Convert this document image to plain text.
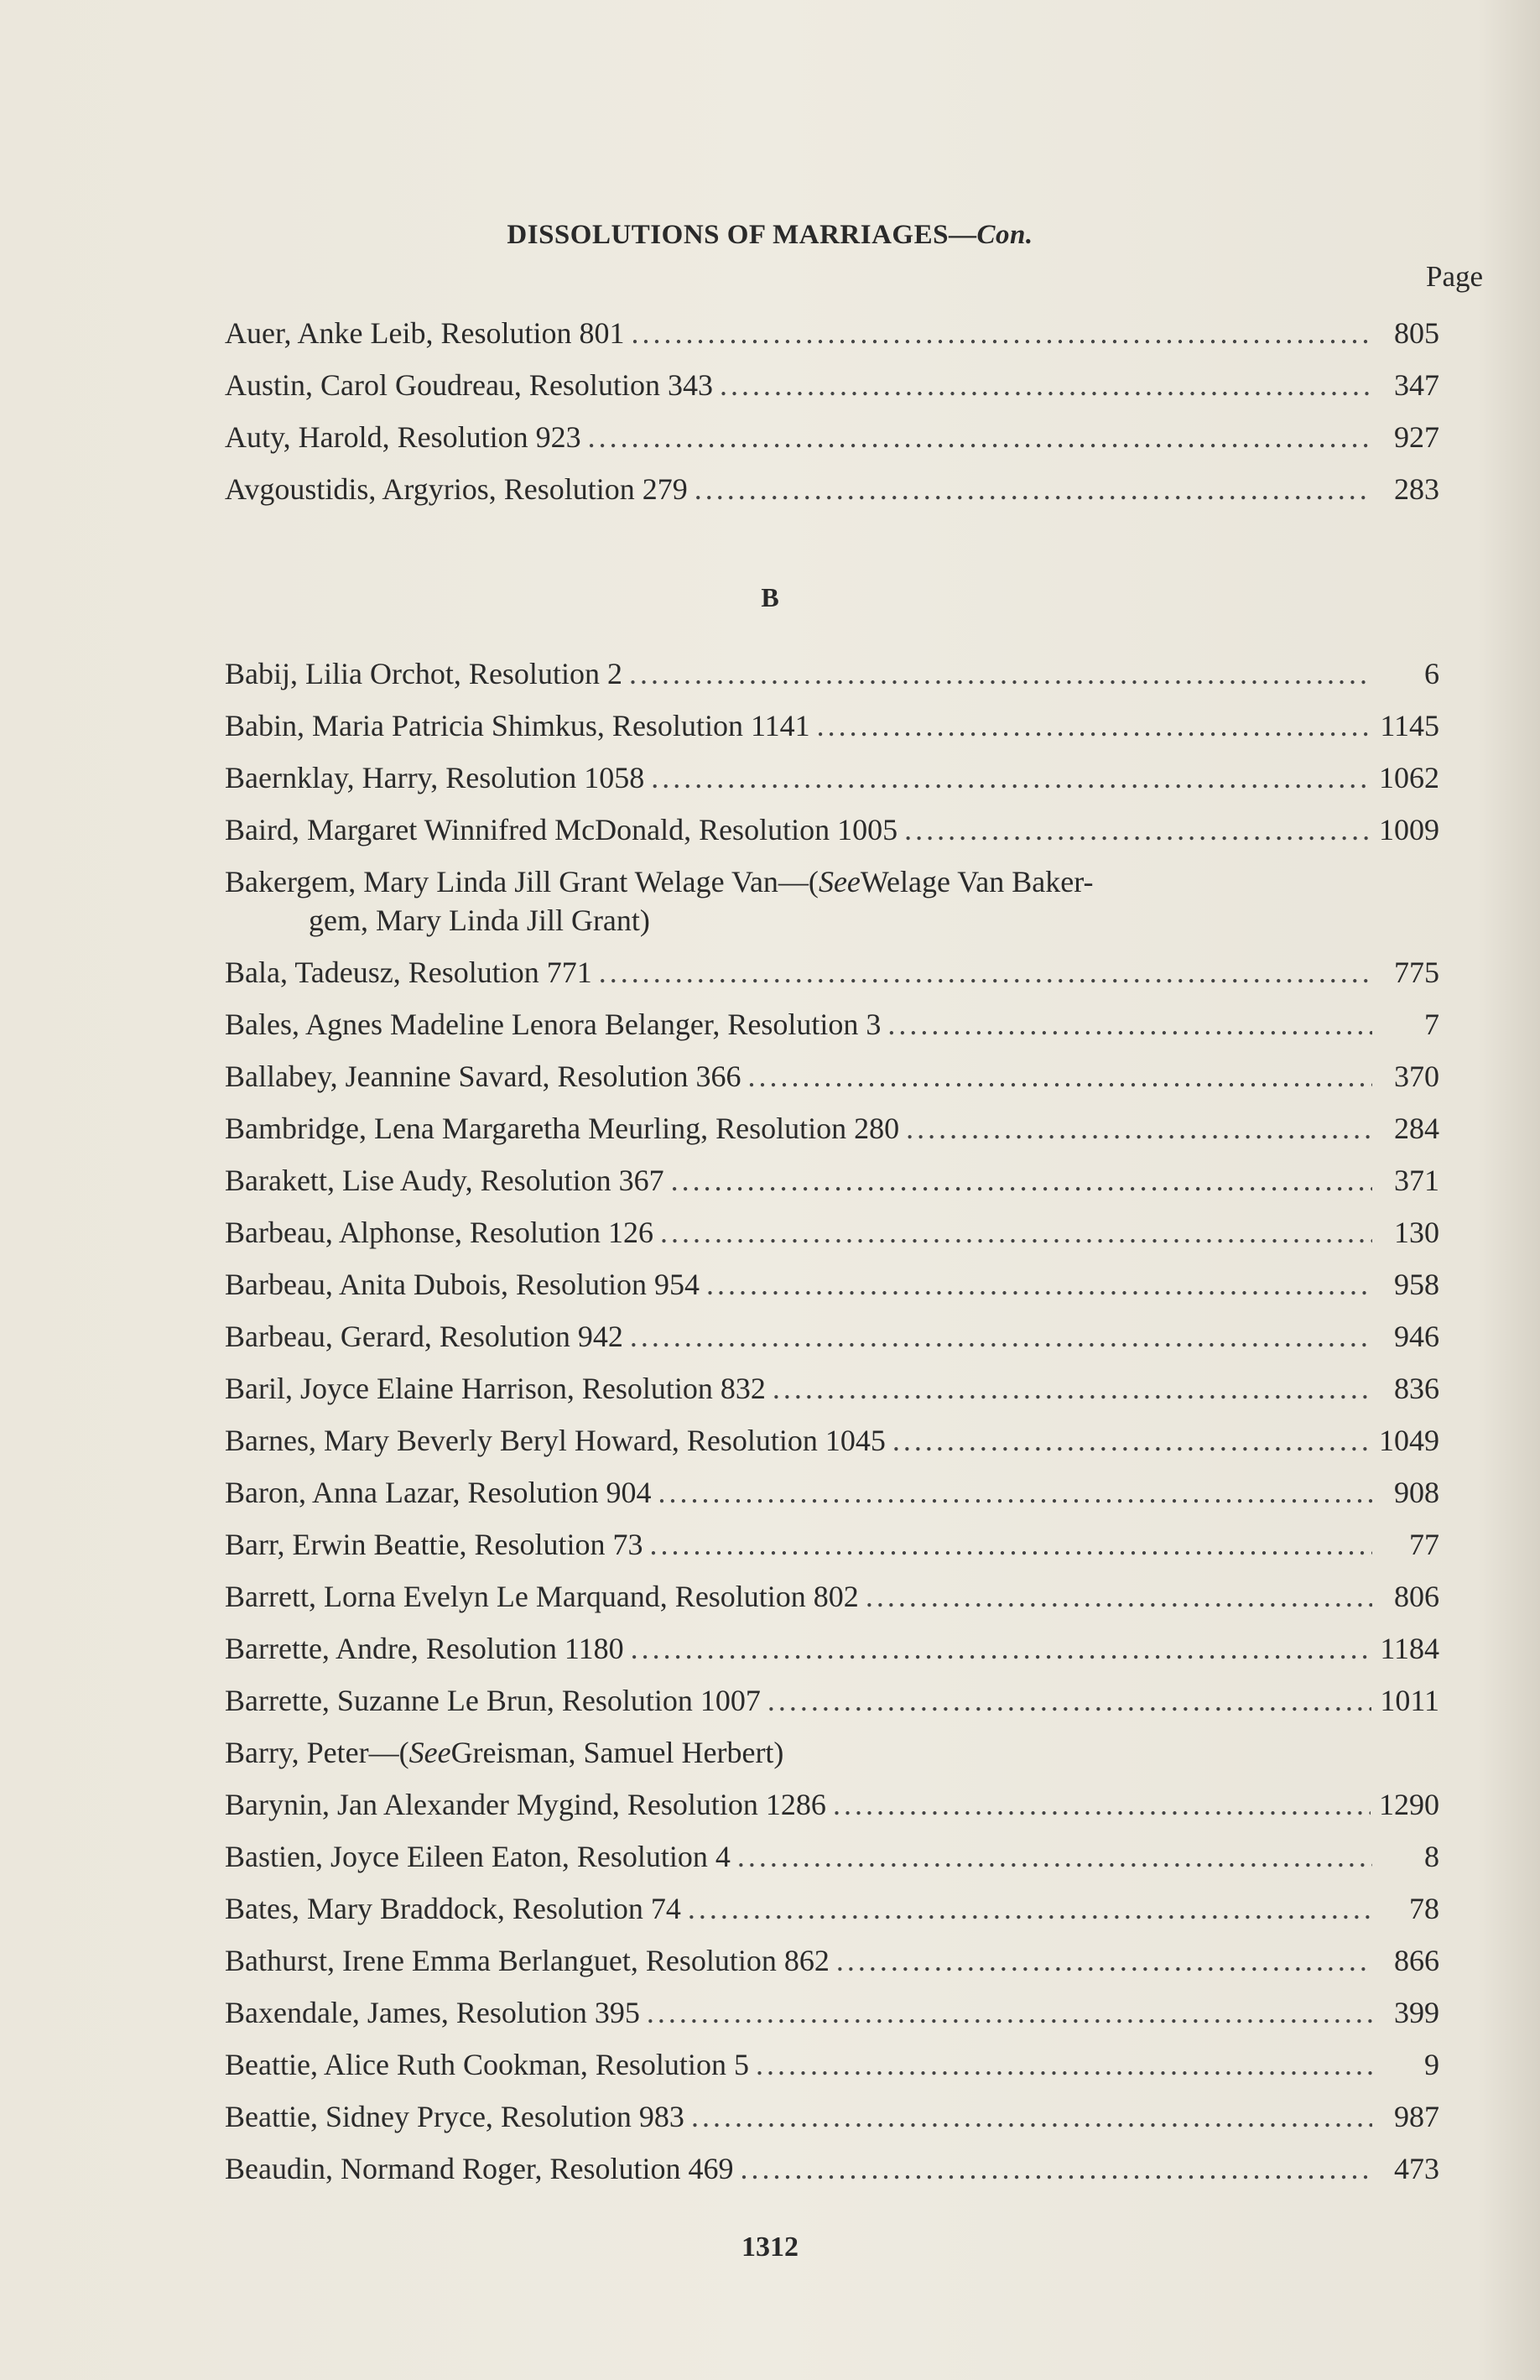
DISSOLUTIONS OF MARRIAGES—Con.
Page
Auer, Anke Leib, Resolution 801 .....	805
Austin, Carol Goudreau, Resolution 343 .....	347
Auty, Harold, Resolution 923 .....	927
Avgoustidis, Argyrios, Resolution 279 .....	283
B
Babij, Lilia Orchot, Resolution 2 .....	6
Babin, Maria Patricia Shimkus, Resolution 1141 .....	1145
Baernklay, Harry, Resolution 1058 .....	1062
Baird, Margaret Winnifred McDonald, Resolution 1005 .....	1009
Bakergem, Mary Linda Jill Grant Welage Van—( See Welage Van Baker-
gem, Mary Linda Jill Grant)
Bala, Tadeusz, Resolution 771 .....	775
Bales, Agnes Madeline Lenora Belanger, Resolution 3 .....	7
Ballabey, Jeannine Savard, Resolution 366 .....	370
Bambridge, Lena Margaretha Meurling, Resolution 280 .....	284
Barakett, Lise Audy, Resolution 367 .....	371
Barbeau, Alphonse, Resolution 126 .....	130
Barbeau, Anita Dubois, Resolution 954 .....	958
Barbeau, Gerard, Resolution 942 .....	946
Baril, Joyce Elaine Harrison, Resolution 832 .....	836
Barnes, Mary Beverly Beryl Howard, Resolution 1045 .....	1049
Baron, Anna Lazar, Resolution 904 .....	908
Barr, Erwin Beattie, Resolution 73 .....	77
Barrett, Lorna Evelyn Le Marquand, Resolution 802 .....	806
Barrette, Andre, Resolution 1180 .....	1184
Barrette, Suzanne Le Brun, Resolution 1007 .....	1011
Barry, Peter—( See Greisman, Samuel Herbert)
Barynin, Jan Alexander Mygind, Resolution 1286 .....	1290
Bastien, Joyce Eileen Eaton, Resolution 4 .....	8
Bates, Mary Braddock, Resolution 74 .....	78
Bathurst, Irene Emma Berlanguet, Resolution 862 .....	866
Baxendale, James, Resolution 395 .....	399
Beattie, Alice Ruth Cookman, Resolution 5 .....	9
Beattie, Sidney Pryce, Resolution 983 .....	987
Beaudin, Normand Roger, Resolution 469 .....	473
1312
